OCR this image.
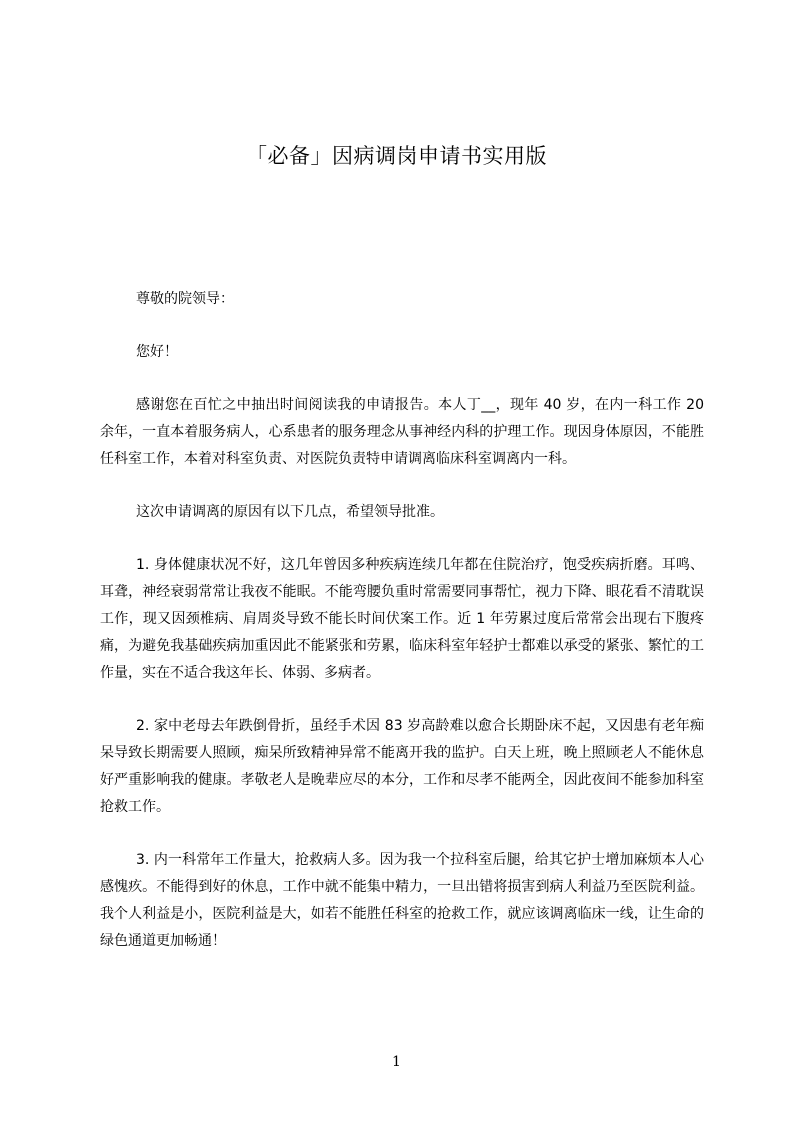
「必备」因病调岗申请书实用版

尊敬的院领导：

您好！

感谢您在百忙之中抽出时间阅读我的申请报告。本人丁__，现年 40 岁，在内一科工作 20 余年，一直本着服务病人，心系患者的服务理念从事神经内科的护理工作。现因身体原因，不能胜任科室工作，本着对科室负责、对医院负责特申请调离临床科室调离内一科。

这次申请调离的原因有以下几点，希望领导批准。

1. 身体健康状况不好，这几年曾因多种疾病连续几年都在住院治疗，饱受疾病折磨。耳鸣、耳聋，神经衰弱常常让我夜不能眠。不能弯腰负重时常需要同事帮忙，视力下降、眼花看不清耽误工作，现又因颈椎病、肩周炎导致不能长时间伏案工作。近 1 年劳累过度后常常会出现右下腹疼痛，为避免我基础疾病加重因此不能紧张和劳累，临床科室年轻护士都难以承受的紧张、繁忙的工作量，实在不适合我这年长、体弱、多病者。

2. 家中老母去年跌倒骨折，虽经手术因 83 岁高龄难以愈合长期卧床不起，又因患有老年痴呆导致长期需要人照顾，痴呆所致精神异常不能离开我的监护。白天上班，晚上照顾老人不能休息好严重影响我的健康。孝敬老人是晚辈应尽的本分，工作和尽孝不能两全，因此夜间不能参加科室抢救工作。

3. 内一科常年工作量大，抢救病人多。因为我一个拉科室后腿，给其它护士增加麻烦本人心感愧疚。不能得到好的休息，工作中就不能集中精力，一旦出错将损害到病人利益乃至医院利益。我个人利益是小，医院利益是大，如若不能胜任科室的抢救工作，就应该调离临床一线，让生命的绿色通道更加畅通！

1
